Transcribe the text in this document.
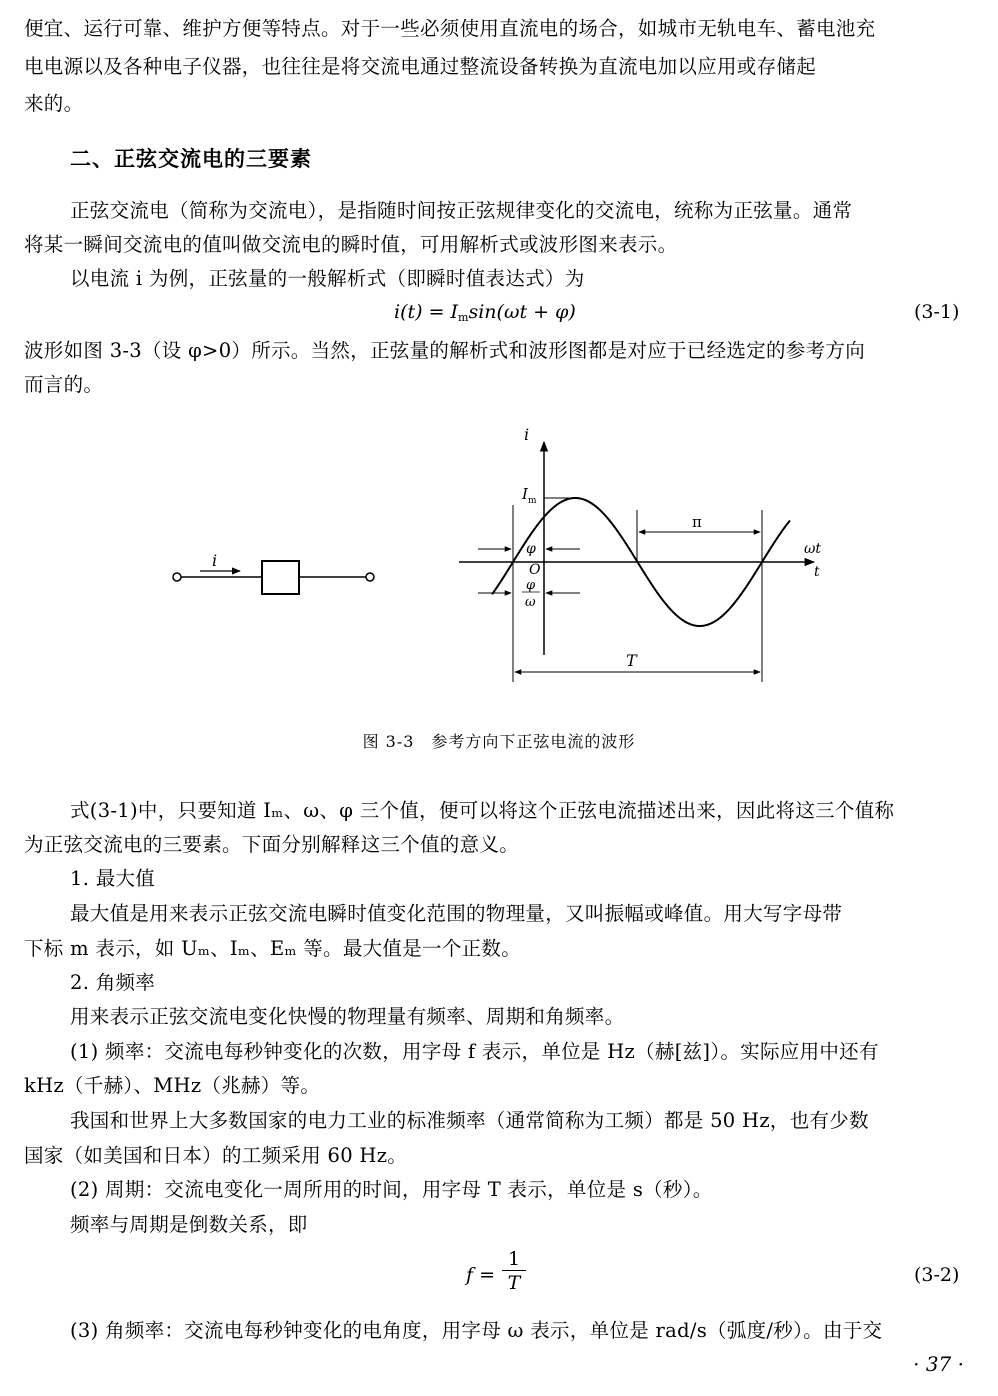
便宜、运行可靠、维护方便等特点。对于一些必须使用直流电的场合，如城市无轨电车、蓄电池充
电电源以及各种电子仪器，也往往是将交流电通过整流设备转换为直流电加以应用或存储起
来的。
二、正弦交流电的三要素
正弦交流电（简称为交流电），是指随时间按正弦规律变化的交流电，统称为正弦量。通常
将某一瞬间交流电的值叫做交流电的瞬时值，可用解析式或波形图来表示。
以电流 i 为例，正弦量的一般解析式（即瞬时值表达式）为
$i(t) = I_m\sin(\omega t + \varphi)$	(3-1)
波形如图 3-3（设 φ>0）所示。当然，正弦量的解析式和波形图都是对应于已经选定的参考方向
而言的。
i
i
ωt
t
$I_m$
π
T
φ
O
φ
ω
图 3-3　参考方向下正弦电流的波形
式(3-1)中，只要知道 Iₘ、ω、φ 三个值，便可以将这个正弦电流描述出来，因此将这三个值称
为正弦交流电的三要素。下面分别解释这三个值的意义。
1. 最大值
最大值是用来表示正弦交流电瞬时值变化范围的物理量，又叫振幅或峰值。用大写字母带
下标 m 表示，如 Uₘ、Iₘ、Eₘ 等。最大值是一个正数。
2. 角频率
用来表示正弦交流电变化快慢的物理量有频率、周期和角频率。
(1) 频率：交流电每秒钟变化的次数，用字母 f 表示，单位是 Hz（赫[兹]）。实际应用中还有
kHz（千赫）、MHz（兆赫）等。
我国和世界上大多数国家的电力工业的标准频率（通常简称为工频）都是 50 Hz，也有少数
国家（如美国和日本）的工频采用 60 Hz。
(2) 周期：交流电变化一周所用的时间，用字母 T 表示，单位是 s（秒）。
频率与周期是倒数关系，即
f =
1
T	(3-2)
(3) 角频率：交流电每秒钟变化的电角度，用字母 ω 表示，单位是 rad/s（弧度/秒）。由于交
· 37 ·
